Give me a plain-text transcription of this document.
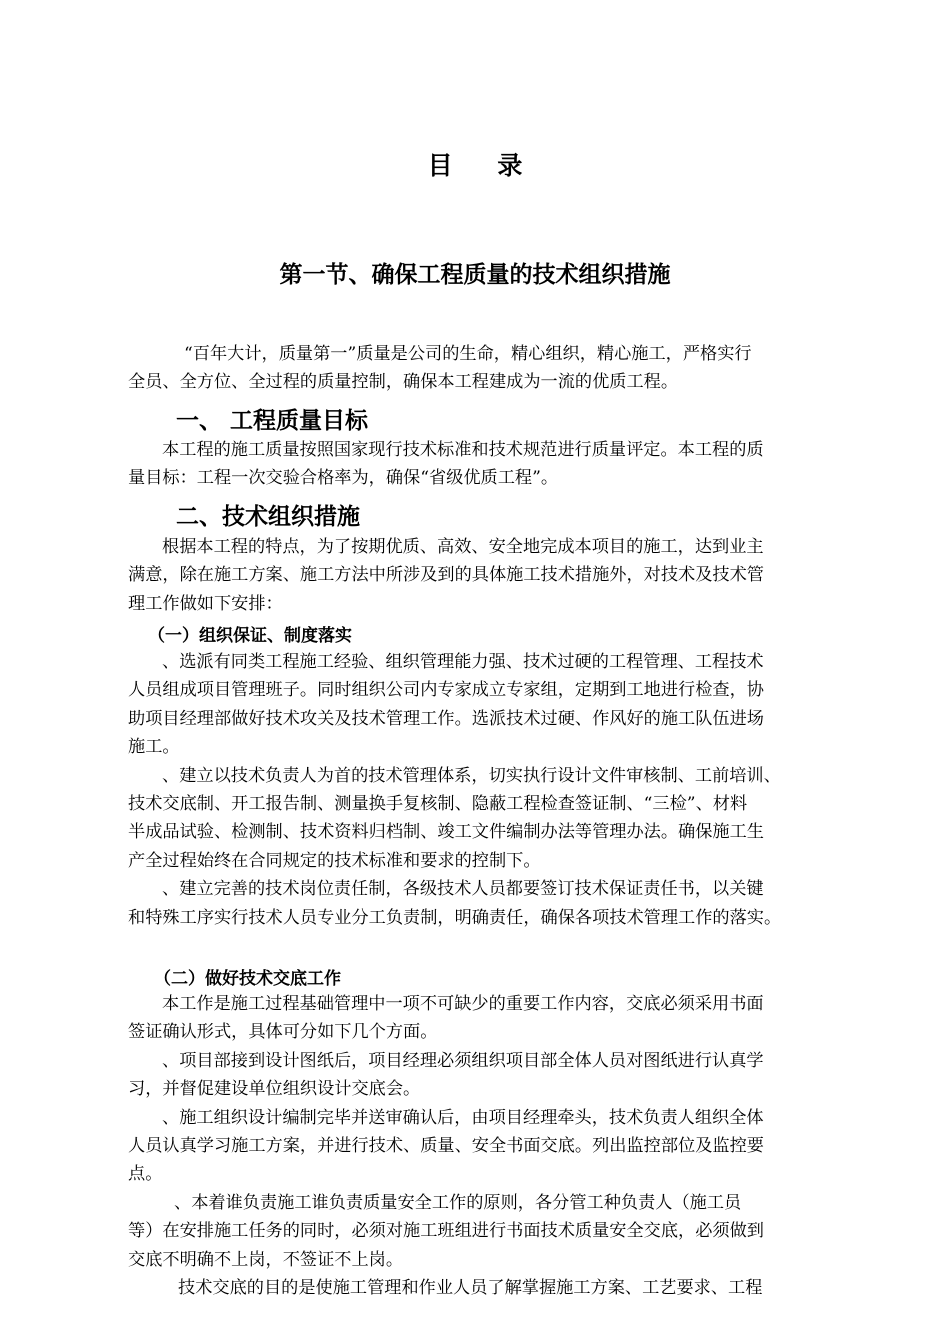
目 录
第一节、确保工程质量的技术组织措施

“百年大计，质量第一”质量是公司的生命，精心组织，精心施工，严格实行

全员、全方位、全过程的质量控制，确保本工程建成为一流的优质工程。

一、 工程质量目标

本工程的施工质量按照国家现行技术标准和技术规范进行质量评定。本工程的质

量目标：工程一次交验合格率为，确保“省级优质工程”。

二、技术组织措施

根据本工程的特点，为了按期优质、高效、安全地完成本项目的施工，达到业主

满意，除在施工方案、施工方法中所涉及到的具体施工技术措施外，对技术及技术管

理工作做如下安排：

（一）组织保证、制度落实

、选派有同类工程施工经验、组织管理能力强、技术过硬的工程管理、工程技术

人员组成项目管理班子。同时组织公司内专家成立专家组，定期到工地进行检查，协

助项目经理部做好技术攻关及技术管理工作。选派技术过硬、作风好的施工队伍进场

施工。

、建立以技术负责人为首的技术管理体系，切实执行设计文件审核制、工前培训、

技术交底制、开工报告制、测量换手复核制、隐蔽工程检查签证制、“三检”、材料

半成品试验、检测制、技术资料归档制、竣工文件编制办法等管理办法。确保施工生

产全过程始终在合同规定的技术标准和要求的控制下。

、建立完善的技术岗位责任制，各级技术人员都要签订技术保证责任书，以关键

和特殊工序实行技术人员专业分工负责制，明确责任，确保各项技术管理工作的落实。

（二）做好技术交底工作

本工作是施工过程基础管理中一项不可缺少的重要工作内容，交底必须采用书面

签证确认形式，具体可分如下几个方面。

、项目部接到设计图纸后，项目经理必须组织项目部全体人员对图纸进行认真学

习，并督促建设单位组织设计交底会。

、施工组织设计编制完毕并送审确认后，由项目经理牵头，技术负责人组织全体

人员认真学习施工方案，并进行技术、质量、安全书面交底。列出监控部位及监控要

点。

、本着谁负责施工谁负责质量安全工作的原则，各分管工种负责人（施工员

等）在安排施工任务的同时，必须对施工班组进行书面技术质量安全交底，必须做到

交底不明确不上岗，不签证不上岗。

技术交底的目的是使施工管理和作业人员了解掌握施工方案、工艺要求、工程
